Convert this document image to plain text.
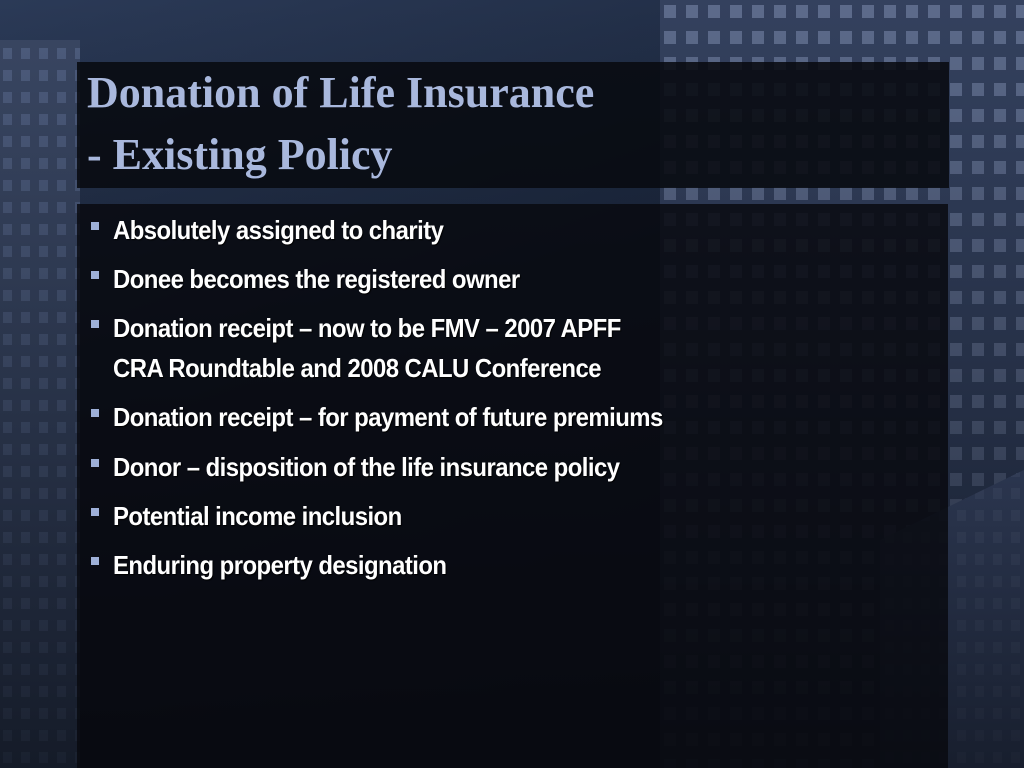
Donation of Life Insurance
- Existing Policy
Absolutely assigned to charity
Donee becomes the registered owner
Donation receipt – now to be FMV – 2007 APFF
CRA Roundtable and 2008 CALU Conference
Donation receipt – for payment of future premiums
Donor – disposition of the life insurance policy
Potential income inclusion
Enduring property designation
